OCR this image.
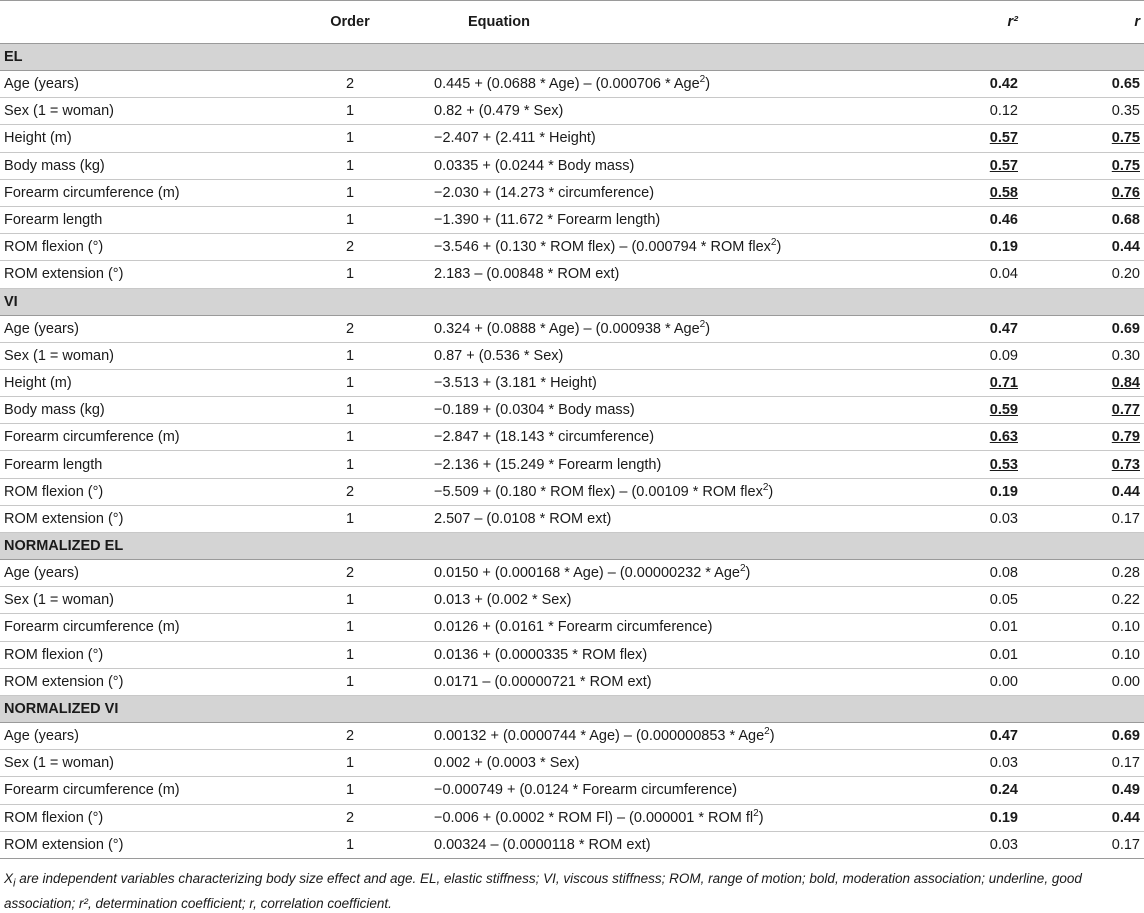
	Order	Equation	r²	r
EL				
Age (years)	2	0.445 + (0.0688 * Age) – (0.000706 * Age$^2$)	0.42	0.65
Sex (1 = woman)	1	0.82 + (0.479 * Sex)	0.12	0.35
Height (m)	1	−2.407 + (2.411 * Height)	0.57	0.75
Body mass (kg)	1	0.0335 + (0.0244 * Body mass)	0.57	0.75
Forearm circumference (m)	1	−2.030 + (14.273 * circumference)	0.58	0.76
Forearm length	1	−1.390 + (11.672 * Forearm length)	0.46	0.68
ROM flexion (°)	2	−3.546 + (0.130 * ROM flex) – (0.000794 * ROM flex$^2$)	0.19	0.44
ROM extension (°)	1	2.183 – (0.00848 * ROM ext)	0.04	0.20
VI				
Age (years)	2	0.324 + (0.0888 * Age) – (0.000938 * Age$^2$)	0.47	0.69
Sex (1 = woman)	1	0.87 + (0.536 * Sex)	0.09	0.30
Height (m)	1	−3.513 + (3.181 * Height)	0.71	0.84
Body mass (kg)	1	−0.189 + (0.0304 * Body mass)	0.59	0.77
Forearm circumference (m)	1	−2.847 + (18.143 * circumference)	0.63	0.79
Forearm length	1	−2.136 + (15.249 * Forearm length)	0.53	0.73
ROM flexion (°)	2	−5.509 + (0.180 * ROM flex) – (0.00109 * ROM flex$^2$)	0.19	0.44
ROM extension (°)	1	2.507 – (0.0108 * ROM ext)	0.03	0.17
NORMALIZED EL				
Age (years)	2	0.0150 + (0.000168 * Age) – (0.00000232 * Age$^2$)	0.08	0.28
Sex (1 = woman)	1	0.013 + (0.002 * Sex)	0.05	0.22
Forearm circumference (m)	1	0.0126 + (0.0161 * Forearm circumference)	0.01	0.10
ROM flexion (°)	1	0.0136 + (0.0000335 * ROM flex)	0.01	0.10
ROM extension (°)	1	0.0171 – (0.00000721 * ROM ext)	0.00	0.00
NORMALIZED VI				
Age (years)	2	0.00132 + (0.0000744 * Age) – (0.000000853 * Age$^2$)	0.47	0.69
Sex (1 = woman)	1	0.002 + (0.0003 * Sex)	0.03	0.17
Forearm circumference (m)	1	−0.000749 + (0.0124 * Forearm circumference)	0.24	0.49
ROM flexion (°)	2	−0.006 + (0.0002 * ROM Fl) – (0.000001 * ROM $fl^2$)	0.19	0.44
ROM extension (°)	1	0.00324 – (0.0000118 * ROM ext)	0.03	0.17
$X_i$ are independent variables characterizing body size effect and age. EL, elastic stiffness; VI, viscous stiffness; ROM, range of motion; bold, moderation association; underline, good association; r², determination coefficient; r, correlation coefficient.
